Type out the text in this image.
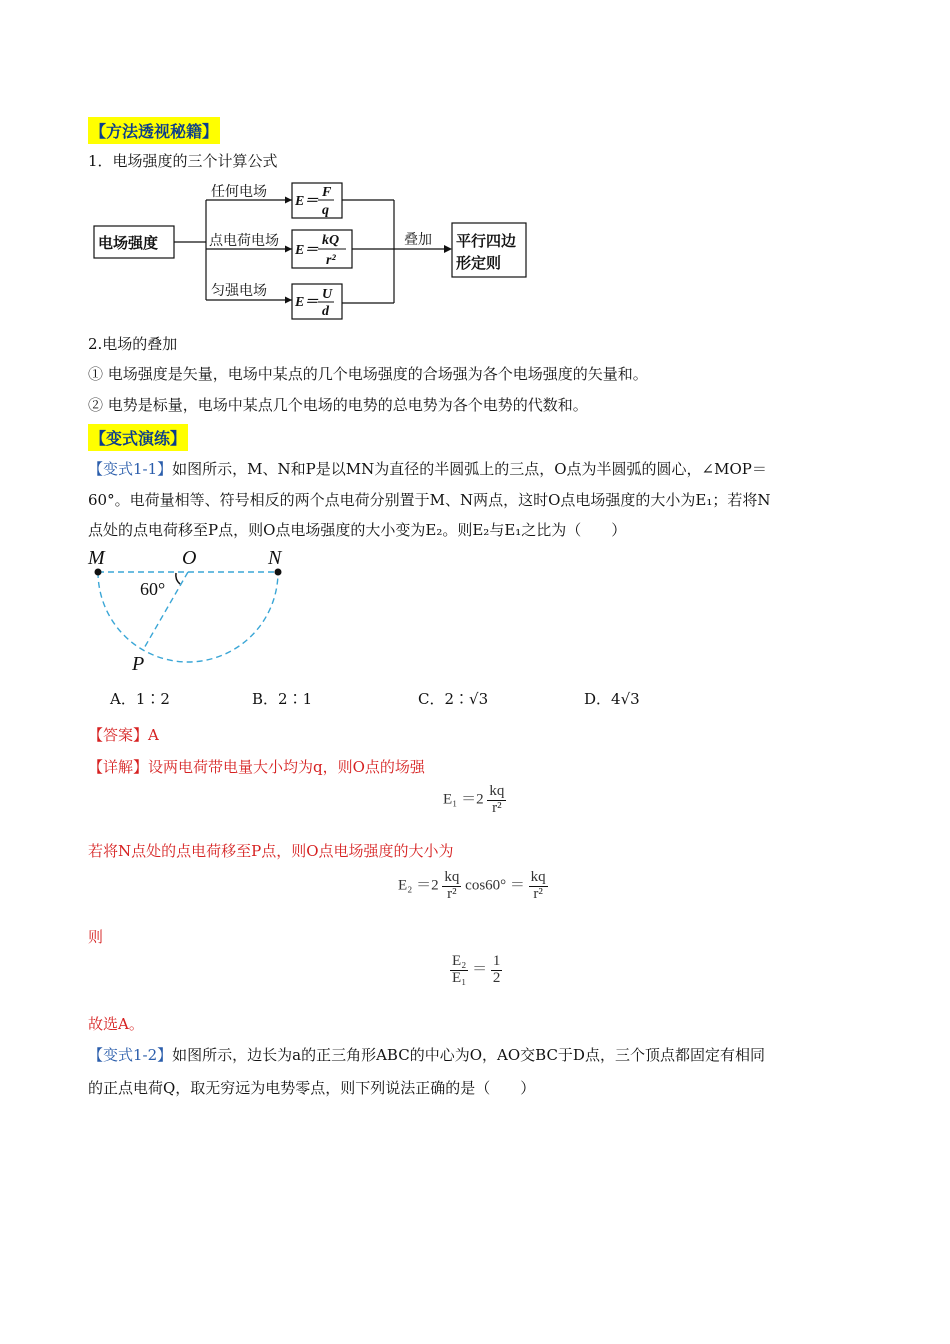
【方法透视秘籍】
1．电场强度的三个计算公式
电场强度
任何电场
点电荷电场
匀强电场
叠加 平行四边
形定则
E＝
F
q
E＝
kQ
r²
E＝
U
d
2.电场的叠加
① 电场强度是矢量，电场中某点的几个电场强度的合场强为各个电场强度的矢量和。
② 电势是标量，电场中某点几个电场的电势的总电势为各个电势的代数和。
【变式演练】
【变式1-1】如图所示，M、N和P是以MN为直径的半圆弧上的三点，O点为半圆弧的圆心，∠MOP＝
60°。电荷量相等、符号相反的两个点电荷分别置于M、N两点，这时O点电场强度的大小为E₁；若将N
点处的点电荷移至P点，则O点电场强度的大小变为E₂。则E₂与E₁之比为（　　）
M	O	N
P
60°
A．1∶2	B．2∶1	C．2∶√3	D．4√3
【答案】A
【详解】设两电荷带电量大小均为q，则O点的场强
$E_1 =2 \frac{kq}{\text{r²}}$
若将N点处的点电荷移至P点，则O点电场强度的大小为
$E_2 =2 \frac{kq}{\text{r²}} \cos 60^\circ = \frac{kq}{\text{r²}}$
则
$\frac{\text{E₂}}{\text{E₁}} = \frac{1}{2}$
故选A。
【变式1-2】如图所示，边长为a的正三角形ABC的中心为O，AO交BC于D点，三个顶点都固定有相同
的正点电荷Q，取无穷远为电势零点，则下列说法正确的是（　　）
